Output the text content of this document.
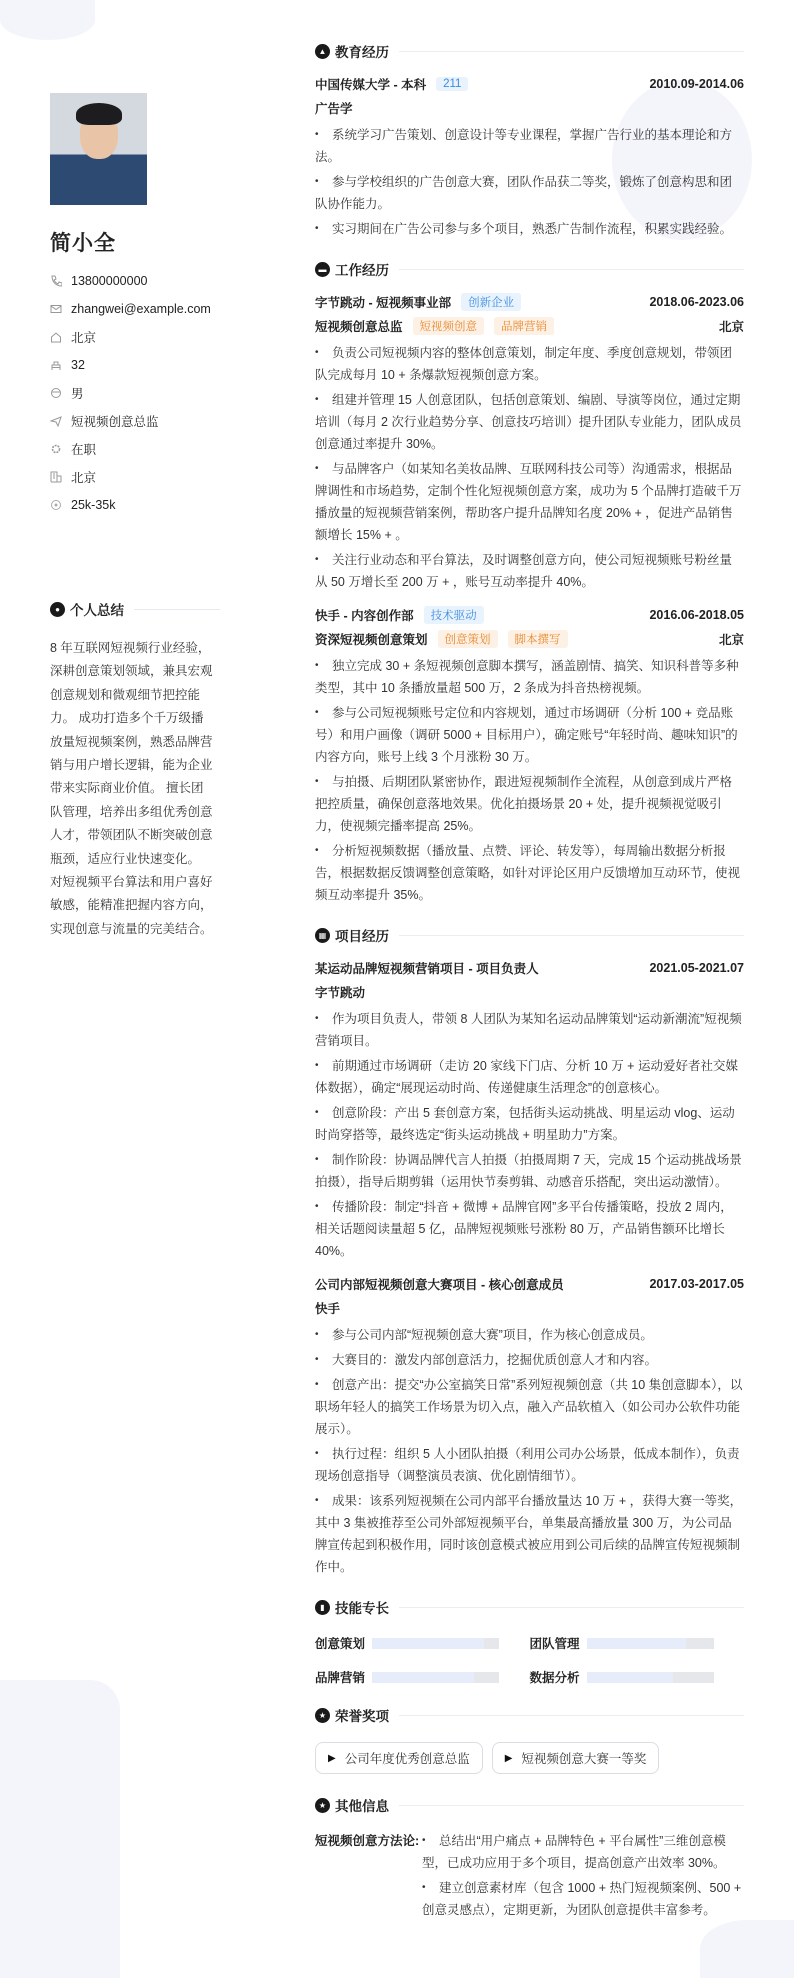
简小全
13800000000
zhangwei@example.com
北京
32
男
短视频创意总监
在职
北京
25k-35k
● 个人总结
8 年互联网短视频行业经验，深耕创意策划领域，兼具宏观创意规划和微观细节把控能力。 成功打造多个千万级播放量短视频案例，熟悉品牌营销与用户增长逻辑，能为企业带来实际商业价值。 擅长团队管理，培养出多组优秀创意人才，带领团队不断突破创意瓶颈，适应行业快速变化。 对短视频平台算法和用户喜好敏感，能精准把握内容方向，实现创意与流量的完美结合。
▲ 教育经历
中国传媒大学 - 本科	211	2010.09-2014.06
广告学
• 系统学习广告策划、创意设计等专业课程，掌握广告行业的基本理论和方法。
• 参与学校组织的广告创意大赛，团队作品获二等奖，锻炼了创意构思和团队协作能力。
• 实习期间在广告公司参与多个项目，熟悉广告制作流程，积累实践经验。
▬ 工作经历
字节跳动 - 短视频事业部	创新企业	2018.06-2023.06
短视频创意总监	短视频创意	品牌营销	北京
• 负责公司短视频内容的整体创意策划，制定年度、季度创意规划，带领团队完成每月 10 + 条爆款短视频创意方案。
• 组建并管理 15 人创意团队，包括创意策划、编剧、导演等岗位，通过定期培训（每月 2 次行业趋势分享、创意技巧培训）提升团队专业能力，团队成员创意通过率提升 30%。
• 与品牌客户（如某知名美妆品牌、互联网科技公司等）沟通需求，根据品牌调性和市场趋势，定制个性化短视频创意方案，成功为 5 个品牌打造破千万播放量的短视频营销案例，帮助客户提升品牌知名度 20% + ，促进产品销售额增长 15% + 。
• 关注行业动态和平台算法，及时调整创意方向，使公司短视频账号粉丝量从 50 万增长至 200 万 + ，账号互动率提升 40%。
快手 - 内容创作部	技术驱动	2016.06-2018.05
资深短视频创意策划	创意策划	脚本撰写	北京
• 独立完成 30 + 条短视频创意脚本撰写，涵盖剧情、搞笑、知识科普等多种类型，其中 10 条播放量超 500 万，2 条成为抖音热榜视频。
• 参与公司短视频账号定位和内容规划，通过市场调研（分析 100 + 竞品账号）和用户画像（调研 5000 + 目标用户），确定账号“年轻时尚、趣味知识”的内容方向，账号上线 3 个月涨粉 30 万。
• 与拍摄、后期团队紧密协作，跟进短视频制作全流程，从创意到成片严格把控质量，确保创意落地效果。优化拍摄场景 20 + 处，提升视频视觉吸引力，使视频完播率提高 25%。
• 分析短视频数据（播放量、点赞、评论、转发等），每周输出数据分析报告，根据数据反馈调整创意策略，如针对评论区用户反馈增加互动环节，使视频互动率提升 35%。
▦ 项目经历
某运动品牌短视频营销项目 - 项目负责人	2021.05-2021.07
字节跳动
• 作为项目负责人，带领 8 人团队为某知名运动品牌策划“运动新潮流”短视频营销项目。
• 前期通过市场调研（走访 20 家线下门店、分析 10 万 + 运动爱好者社交媒体数据），确定“展现运动时尚、传递健康生活理念”的创意核心。
• 创意阶段：产出 5 套创意方案，包括街头运动挑战、明星运动 vlog、运动时尚穿搭等，最终选定“街头运动挑战 + 明星助力”方案。
• 制作阶段：协调品牌代言人拍摄（拍摄周期 7 天，完成 15 个运动挑战场景拍摄），指导后期剪辑（运用快节奏剪辑、动感音乐搭配，突出运动激情）。
• 传播阶段：制定“抖音 + 微博 + 品牌官网”多平台传播策略，投放 2 周内，相关话题阅读量超 5 亿，品牌短视频账号涨粉 80 万，产品销售额环比增长 40%。
公司内部短视频创意大赛项目 - 核心创意成员	2017.03-2017.05
快手
• 参与公司内部“短视频创意大赛”项目，作为核心创意成员。
• 大赛目的：激发内部创意活力，挖掘优质创意人才和内容。
• 创意产出：提交“办公室搞笑日常”系列短视频创意（共 10 集创意脚本），以职场年轻人的搞笑工作场景为切入点，融入产品软植入（如公司办公软件功能展示）。
• 执行过程：组织 5 人小团队拍摄（利用公司办公场景，低成本制作），负责现场创意指导（调整演员表演、优化剧情细节）。
• 成果：该系列短视频在公司内部平台播放量达 10 万 + ，获得大赛一等奖，其中 3 集被推荐至公司外部短视频平台，单集最高播放量 300 万，为公司品牌宣传起到积极作用，同时该创意模式被应用到公司后续的品牌宣传短视频制作中。
▮ 技能专长
创意策划	团队管理
品牌营销	数据分析
★ 荣誉奖项
▶ 公司年度优秀创意总监	▶ 短视频创意大赛一等奖
★ 其他信息
短视频创意方法论: • 总结出“用户痛点 + 品牌特色 + 平台属性”三维创意模型，已成功应用于多个项目，提高创意产出效率 30%。
• 建立创意素材库（包含 1000 + 热门短视频案例、500 + 创意灵感点），定期更新，为团队创意提供丰富参考。
